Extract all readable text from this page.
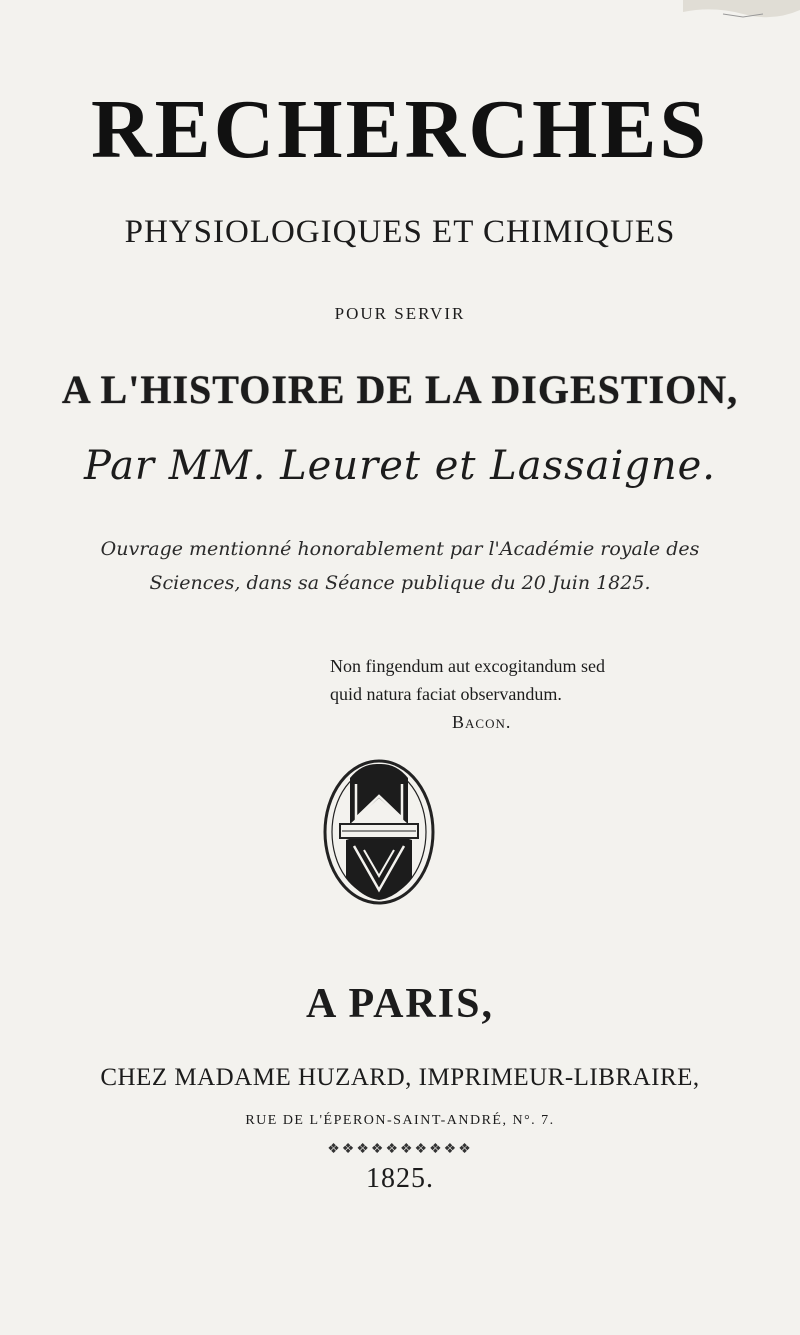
RECHERCHES
PHYSIOLOGIQUES ET CHIMIQUES
POUR SERVIR
A L'HISTOIRE DE LA DIGESTION,
Par MM. Leuret et Lassaigne.
Ouvrage mentionné honorablement par l'Académie royale des
Sciences, dans sa Séance publique du 20 Juin 1825.
Non fingendum aut excogitandum sed
quid natura faciat observandum.
Bacon.
A PARIS,
CHEZ MADAME HUZARD, IMPRIMEUR-LIBRAIRE,
RUE DE L'ÉPERON-SAINT-ANDRÉ, N°. 7.
❖❖❖❖❖❖❖❖❖❖
1825.
